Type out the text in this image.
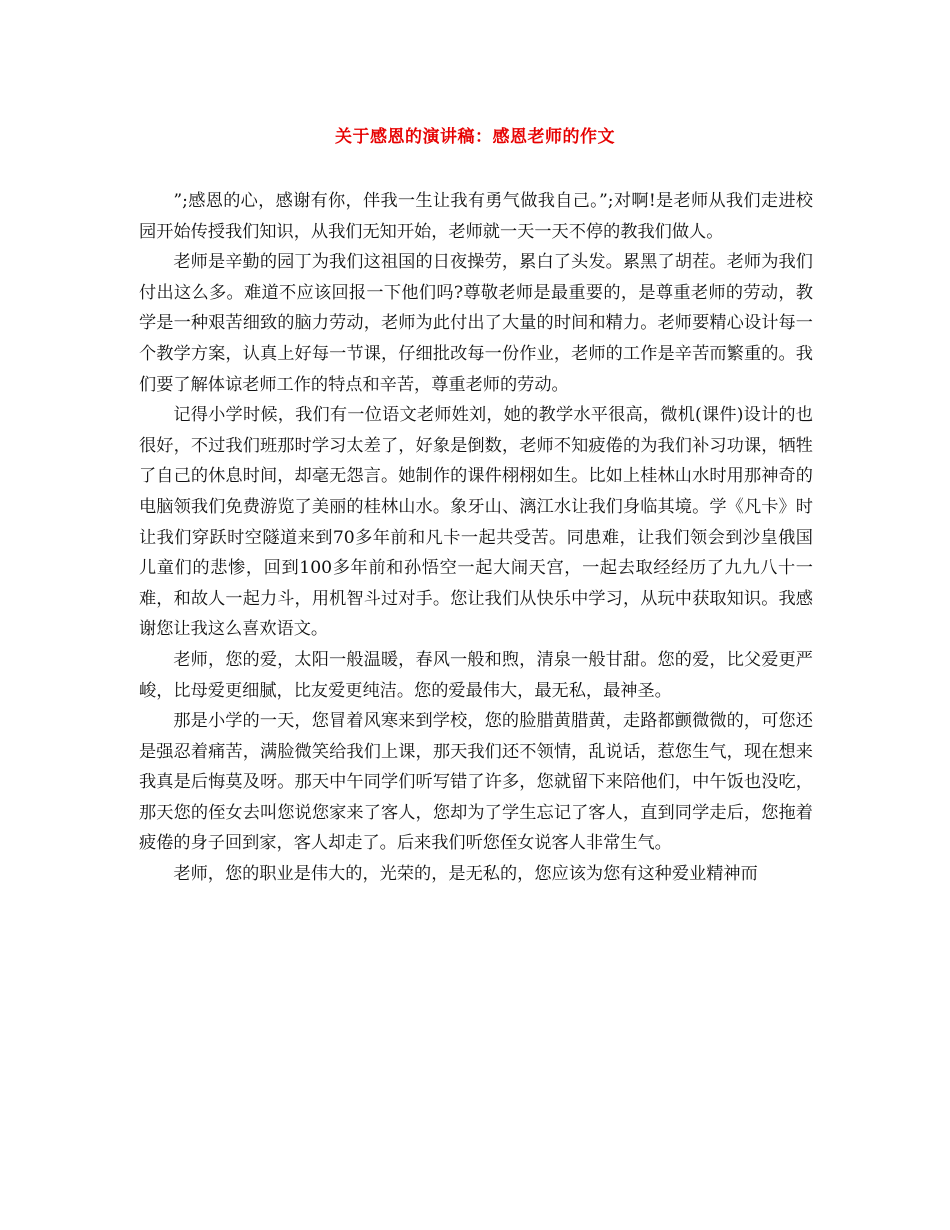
关于感恩的演讲稿：感恩老师的作文

”;感恩的心，感谢有你，伴我一生让我有勇气做我自己。”;对啊!是老师从我们走进校园开始传授我们知识，从我们无知开始，老师就一天一天不停的教我们做人。

老师是辛勤的园丁为我们这祖国的日夜操劳，累白了头发。累黑了胡茬。老师为我们付出这么多。难道不应该回报一下他们吗?尊敬老师是最重要的，是尊重老师的劳动，教学是一种艰苦细致的脑力劳动，老师为此付出了大量的时间和精力。老师要精心设计每一个教学方案，认真上好每一节课，仔细批改每一份作业，老师的工作是辛苦而繁重的。我们要了解体谅老师工作的特点和辛苦，尊重老师的劳动。

记得小学时候，我们有一位语文老师姓刘，她的教学水平很高，微机(课件)设计的也很好，不过我们班那时学习太差了，好象是倒数，老师不知疲倦的为我们补习功课，牺牲了自己的休息时间，却毫无怨言。她制作的课件栩栩如生。比如上桂林山水时用那神奇的电脑领我们免费游览了美丽的桂林山水。象牙山、漓江水让我们身临其境。学《凡卡》时让我们穿跃时空隧道来到70多年前和凡卡一起共受苦。同患难，让我们领会到沙皇俄国儿童们的悲惨，回到100多年前和孙悟空一起大闹天宫，一起去取经经历了九九八十一难，和故人一起力斗，用机智斗过对手。您让我们从快乐中学习，从玩中获取知识。我感谢您让我这么喜欢语文。

老师，您的爱，太阳一般温暖，春风一般和煦，清泉一般甘甜。您的爱，比父爱更严峻，比母爱更细腻，比友爱更纯洁。您的爱最伟大，最无私，最神圣。

那是小学的一天，您冒着风寒来到学校，您的脸腊黄腊黄，走路都颤微微的，可您还是强忍着痛苦，满脸微笑给我们上课，那天我们还不领情，乱说话，惹您生气，现在想来我真是后悔莫及呀。那天中午同学们听写错了许多，您就留下来陪他们，中午饭也没吃，那天您的侄女去叫您说您家来了客人，您却为了学生忘记了客人，直到同学走后，您拖着疲倦的身子回到家，客人却走了。后来我们听您侄女说客人非常生气。

老师，您的职业是伟大的，光荣的，是无私的，您应该为您有这种爱业精神而
